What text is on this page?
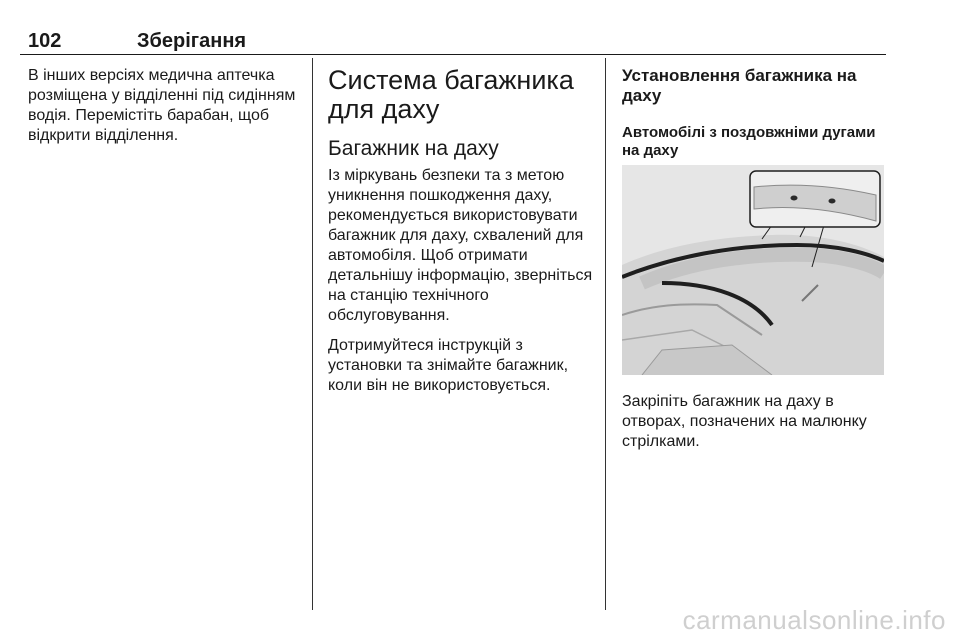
102	Зберігання

В інших версіях медична аптечка розміщена у відділенні під сидінням водія. Перемістіть барабан, щоб відкрити відділення.

Система багажника для даху
Багажник на даху

Із міркувань безпеки та з метою уникнення пошкодження даху, рекомендується використовувати багажник для даху, схвалений для автомобіля. Щоб отримати детальнішу інформацію, зверніться на станцію технічного обслуговування.

Дотримуйтеся інструкцій з установки та знімайте багажник, коли він не використовується.

Установлення багажника на даху
Автомобілі з поздовжніми дугами на даху

Закріпіть багажник на даху в отворах, позначених на малюнку стрілками.

carmanualsonline.info
